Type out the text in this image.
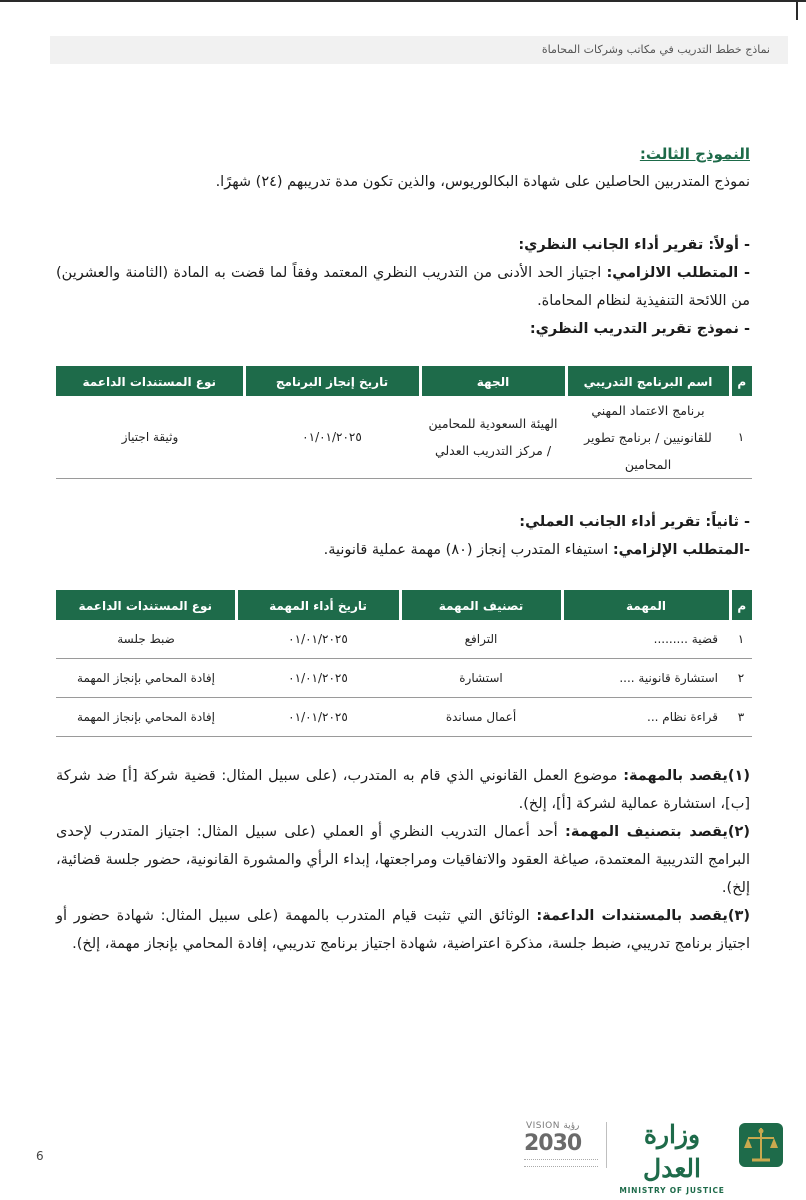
نماذج خطط التدريب في مكاتب وشركات المحاماة
النموذج الثالث:
نموذج المتدربين الحاصلين على شهادة البكالوريوس، والذين تكون مدة تدريبهم (٢٤) شهرًا.
- أولاً: تقرير أداء الجانب النظري:
- المتطلب الالزامي: اجتياز الحد الأدنى من التدريب النظري المعتمد وفقاً لما قضت به المادة (الثامنة والعشرين) من اللائحة التنفيذية لنظام المحاماة.
- نموذج تقرير التدريب النظري:
م	اسم البرنامج التدريبي	الجهة	تاريخ إنجاز البرنامج	نوع المستندات الداعمة
١	برنامج الاعتماد المهني للقانونيين / برنامج تطوير المحامين	الهيئة السعودية للمحامين / مركز التدريب العدلي	٠١/٠١/٢٠٢٥	وثيقة اجتياز
- ثانياً: تقرير أداء الجانب العملي:
-المتطلب الإلزامي: استيفاء المتدرب إنجاز (٨٠) مهمة عملية قانونية.
م	المهمة	تصنيف المهمة	تاريخ أداء المهمة	نوع المستندات الداعمة
١	قضية .........	الترافع	٠١/٠١/٢٠٢٥	ضبط جلسة
٢	استشارة قانونية ....	استشارة	٠١/٠١/٢٠٢٥	إفادة المحامي بإنجاز المهمة
٣	قراءة نظام ...	أعمال مساندة	٠١/٠١/٢٠٢٥	إفادة المحامي بإنجاز المهمة
(١)يقصد بالمهمة: موضوع العمل القانوني الذي قام به المتدرب، (على سبيل المثال: قضية شركة [أ] ضد شركة [ب]، استشارة عمالية لشركة [أ]، إلخ).
(٢)يقصد بتصنيف المهمة: أحد أعمال التدريب النظري أو العملي (على سبيل المثال: اجتياز المتدرب لإحدى البرامج التدريبية المعتمدة، صياغة العقود والاتفاقيات ومراجعتها، إبداء الرأي والمشورة القانونية، حضور جلسة قضائية، إلخ).
(٣)يقصد بالمستندات الداعمة: الوثائق التي تثبت قيام المتدرب بالمهمة (على سبيل المثال: شهادة حضور أو اجتياز برنامج تدريبي، ضبط جلسة، مذكرة اعتراضية، شهادة اجتياز برنامج تدريبي، إفادة المحامي بإنجاز مهمة، إلخ).
6
VISION رؤية
2030	وزارة العدل
MINISTRY OF JUSTICE
